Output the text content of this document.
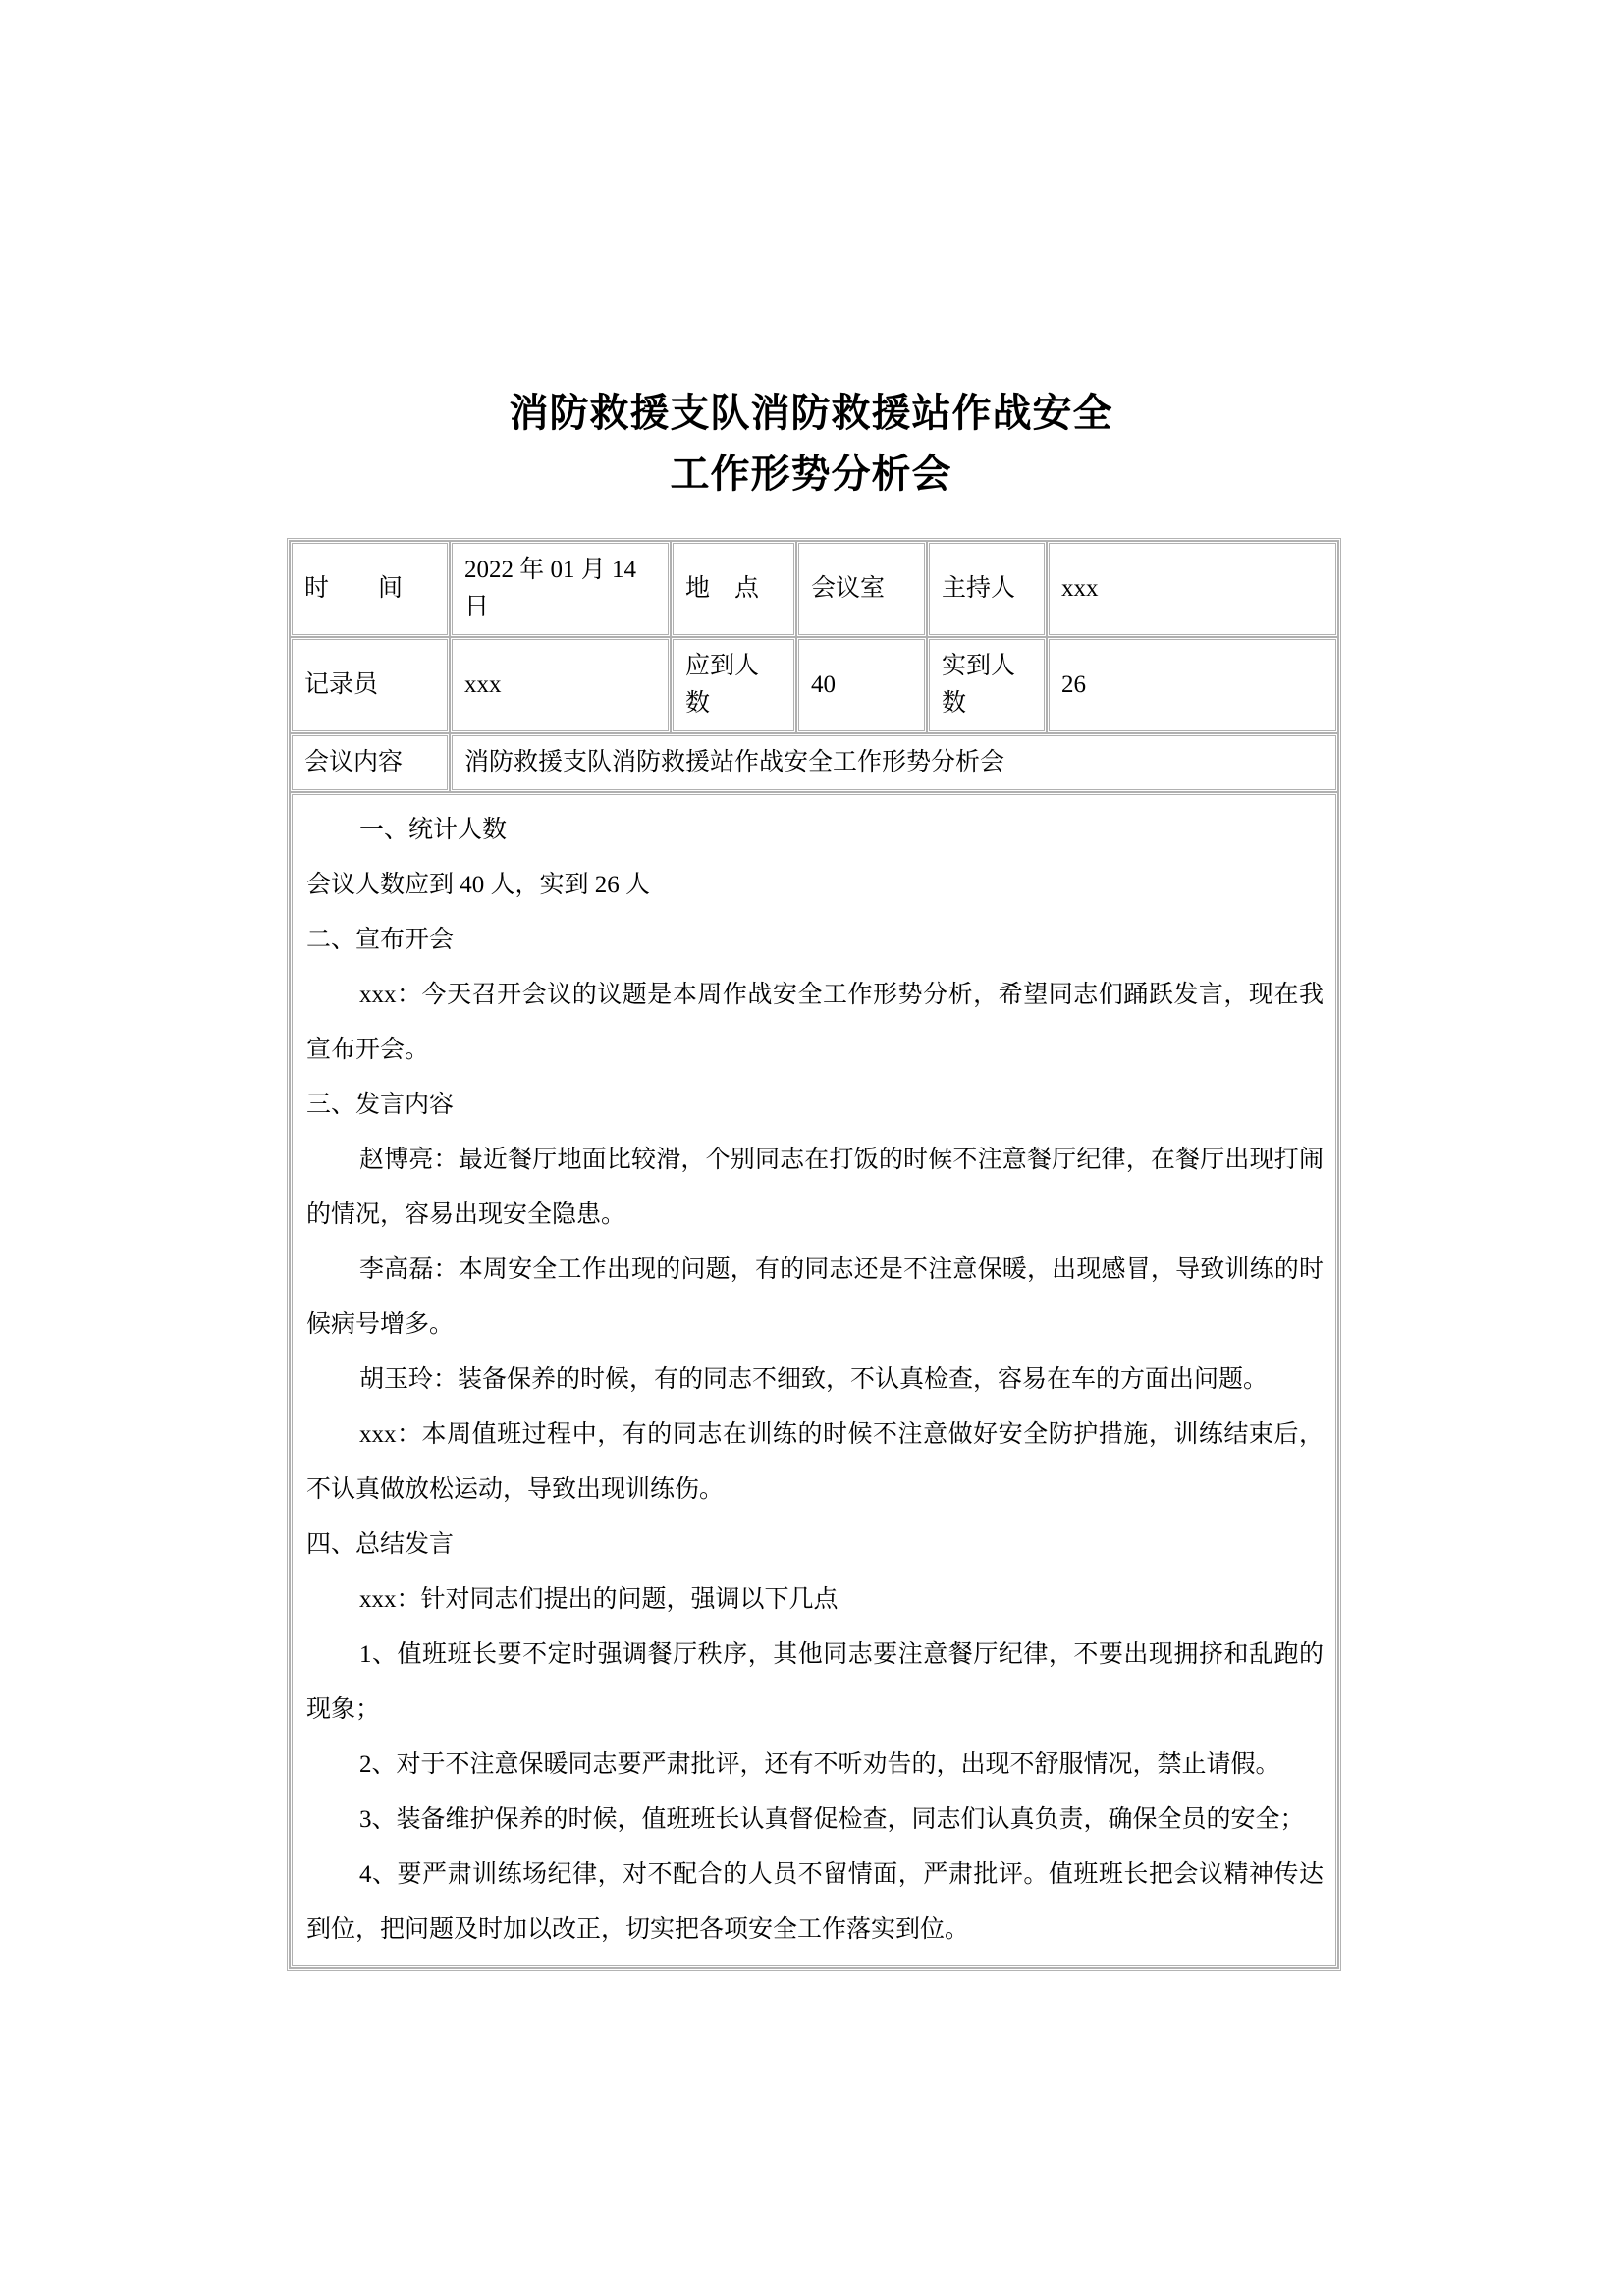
消防救援支队消防救援站作战安全
工作形势分析会
时　　间	2022 年 01 月 14 日	地　点	会议室	主持人	xxx
记录员	xxx	应到人数	40	实到人数	26
会议内容	消防救援支队消防救援站作战安全工作形势分析会				

一、统计人数
会议人数应到 40 人，实到 26 人
二、宣布开会
xxx：今天召开会议的议题是本周作战安全工作形势分析，希望同志们踊跃发言，现在我宣布开会。
三、发言内容
赵博亮：最近餐厅地面比较滑，个别同志在打饭的时候不注意餐厅纪律，在餐厅出现打闹的情况，容易出现安全隐患。
李高磊：本周安全工作出现的问题，有的同志还是不注意保暖，出现感冒，导致训练的时候病号增多。
胡玉玲：装备保养的时候，有的同志不细致，不认真检查，容易在车的方面出问题。
xxx：本周值班过程中，有的同志在训练的时候不注意做好安全防护措施，训练结束后，不认真做放松运动，导致出现训练伤。
四、总结发言
xxx：针对同志们提出的问题，强调以下几点
1、值班班长要不定时强调餐厅秩序，其他同志要注意餐厅纪律，不要出现拥挤和乱跑的现象；
2、对于不注意保暖同志要严肃批评，还有不听劝告的，出现不舒服情况，禁止请假。
3、装备维护保养的时候，值班班长认真督促检查，同志们认真负责，确保全员的安全；
4、要严肃训练场纪律，对不配合的人员不留情面，严肃批评。值班班长把会议精神传达到位，把问题及时加以改正，切实把各项安全工作落实到位。
